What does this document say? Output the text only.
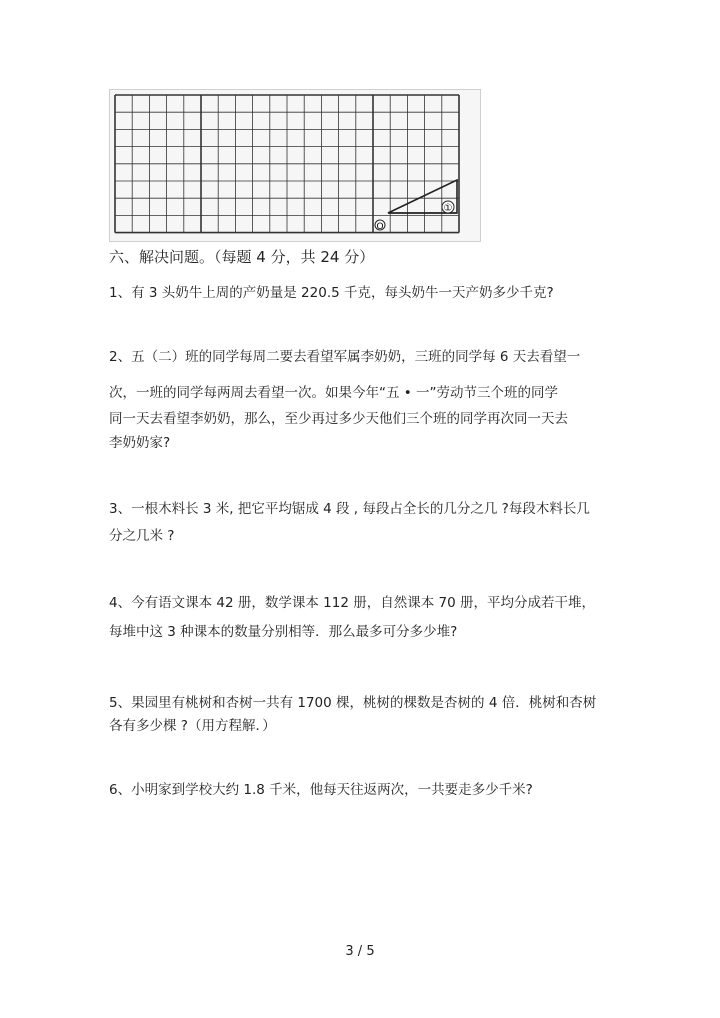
①
O
六、解决问题。（每题 4 分，共 24 分）
1、有 3 头奶牛上周的产奶量是 220.5 千克，每头奶牛一天产奶多少千克?
2、五（二）班的同学每周二要去看望军属李奶奶，三班的同学每 6 天去看望一
次，一班的同学每两周去看望一次。如果今年“五 • 一”劳动节三个班的同学
同一天去看望李奶奶，那么，至少再过多少天他们三个班的同学再次同一天去
李奶奶家?
3、一根木料长 3 米, 把它平均锯成 4 段 , 每段占全长的几分之几 ?每段木料长几
分之几米 ?
4、今有语文课本 42 册，数学课本 112 册，自然课本 70 册，平均分成若干堆，
每堆中这 3 种课本的数量分别相等．那么最多可分多少堆?
5、果园里有桃树和杏树一共有 1700 棵，桃树的棵数是杏树的 4 倍．桃树和杏树
各有多少棵 ?（用方程解．）
6、小明家到学校大约 1.8 千米，他每天往返两次，一共要走多少千米?
3 / 5
